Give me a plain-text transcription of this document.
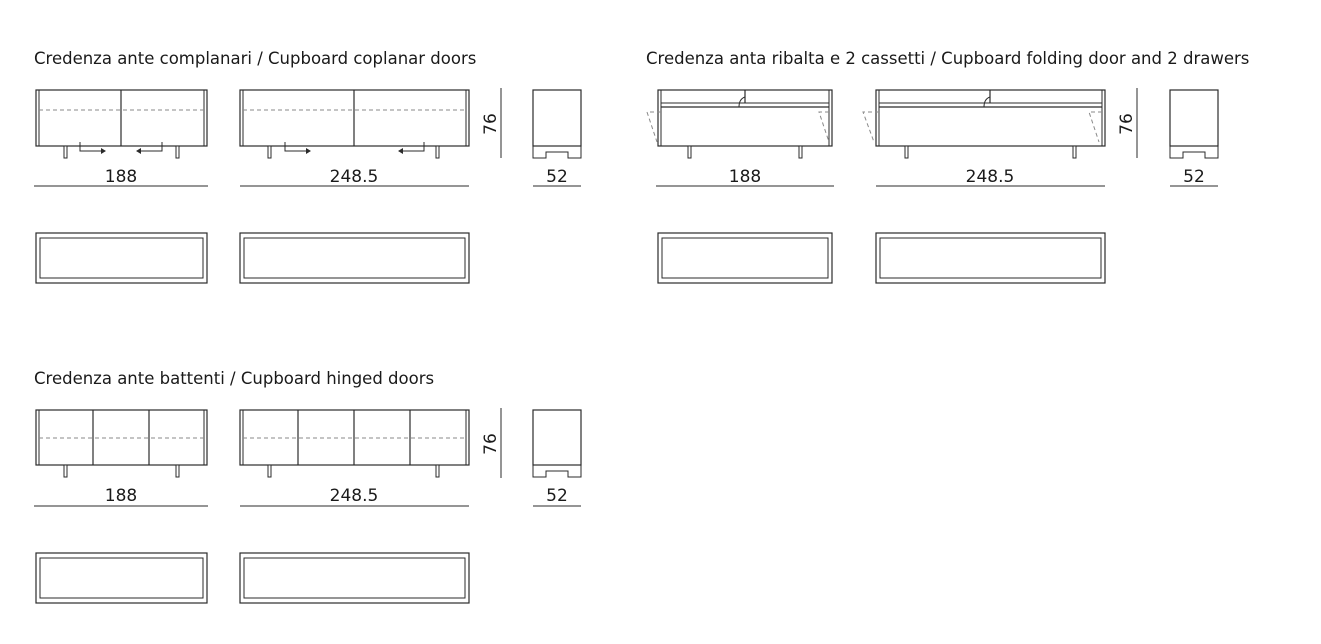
Credenza ante complanari / Cupboard coplanar doors
188	248.5
76
52
Credenza anta ribalta e 2 cassetti / Cupboard folding door and 2 drawers
188	248.5
76
52
Credenza ante battenti / Cupboard hinged doors
188	248.5
76
52
